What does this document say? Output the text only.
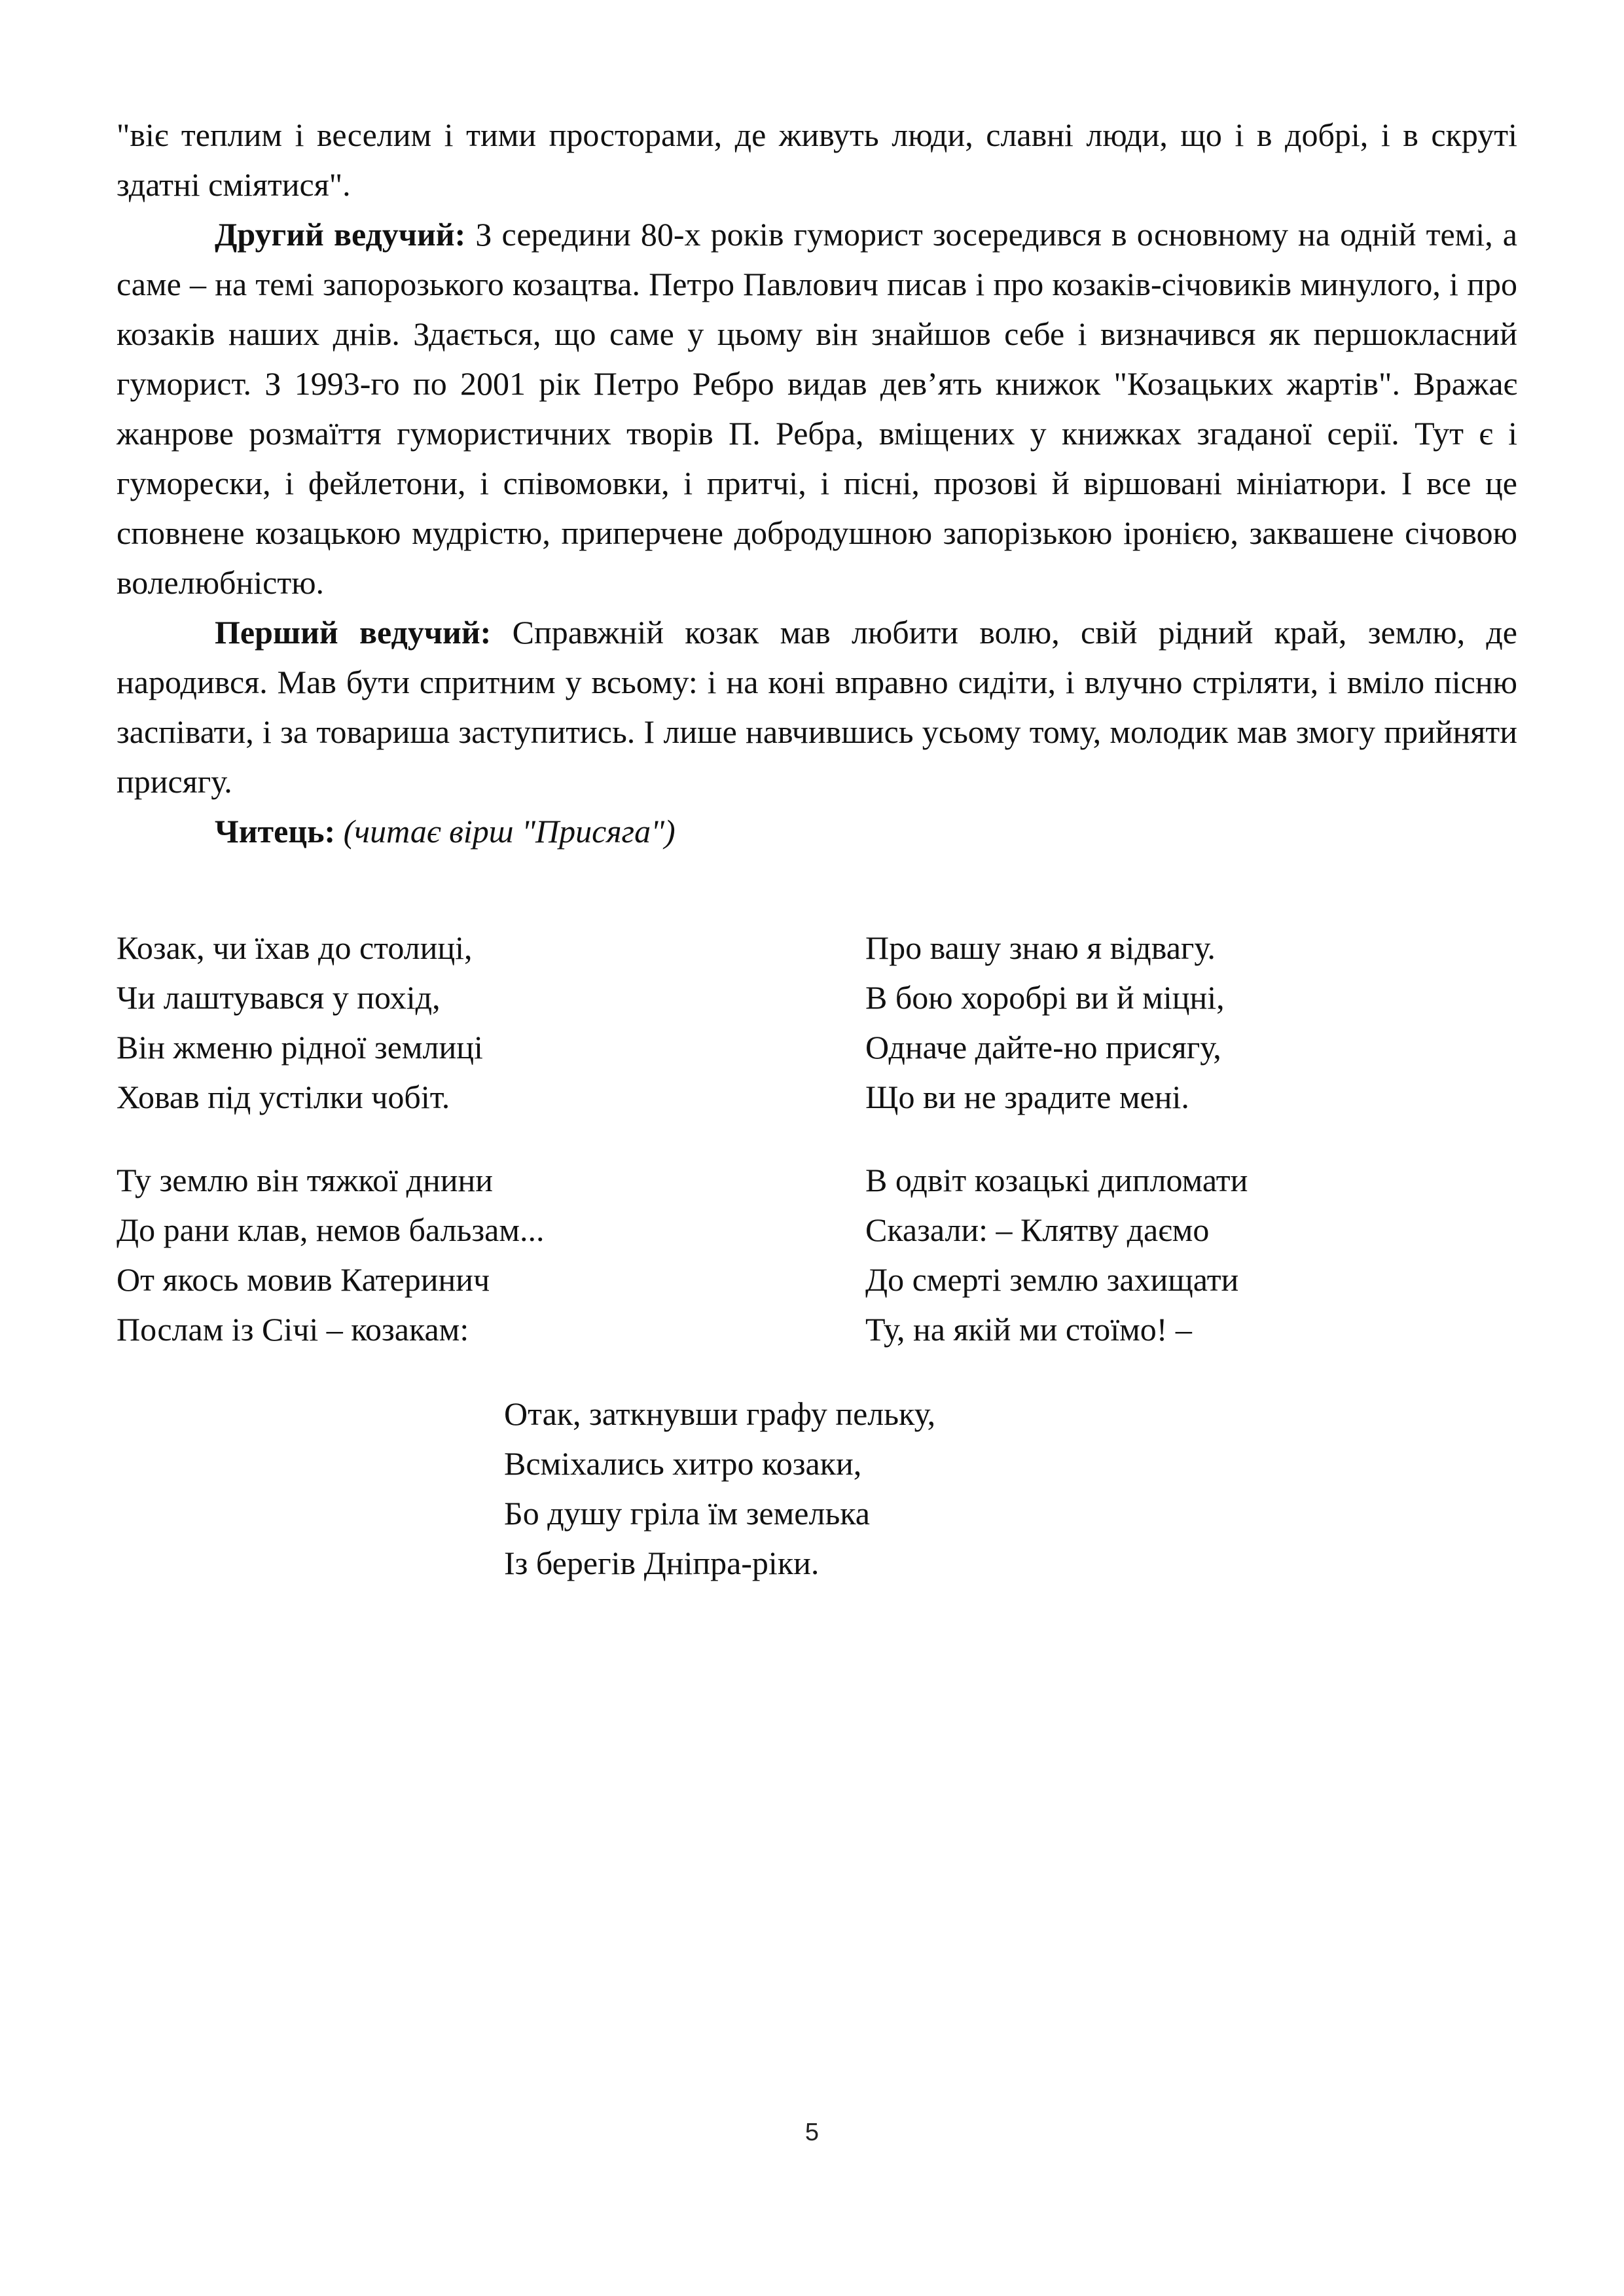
"віє теплим і веселим і тими просторами, де живуть люди, славні люди, що і в добрі, і в скруті здатні сміятися".

Другий ведучий: З середини 80-х років гуморист зосередився в основному на одній темі, а саме – на темі запорозького козацтва. Петро Павлович писав і про козаків-січовиків минулого, і про козаків наших днів. Здається, що саме у цьому він знайшов себе і визначився як першокласний гуморист. З 1993-го по 2001 рік Петро Ребро видав дев’ять книжок "Козацьких жартів". Вражає жанрове розмаїття гумористичних творів П. Ребра, вміщених у книжках згаданої серії. Тут є і гуморески, і фейлетони, і співомовки, і притчі, і пісні, прозові й віршовані мініатюри. І все це сповнене козацькою мудрістю, приперчене добродушною запорізькою іронією, заквашене січовою волелюбністю.

Перший ведучий: Справжній козак мав любити волю, свій рідний край, землю, де народився. Мав бути спритним у всьому: і на коні вправно сидіти, і влучно стріляти, і вміло пісню заспівати, і за товариша заступитись. І лише навчившись усьому тому, молодик мав змогу прийняти присягу.

Читець: (читає вірш "Присяга")

Козак, чи їхав до столиці,
Чи лаштувався у похід,
Він жменю рідної землиці
Ховав під устілки чобіт.
Про вашу знаю я відвагу.
В бою хоробрі ви й міцні,
Одначе дайте-но присягу,
Що ви не зрадите мені.
Ту землю він тяжкої днини
До рани клав, немов бальзам...
От якось мовив Катеринич
Послам із Січі – козакам:
В одвіт козацькі дипломати
Сказали: – Клятву даємо
До смерті землю захищати
Ту, на якій ми стоїмо! –
Отак, заткнувши графу пельку,
Всміхались хитро козаки,
Бо душу гріла їм земелька
Із берегів Дніпра-ріки.
5
